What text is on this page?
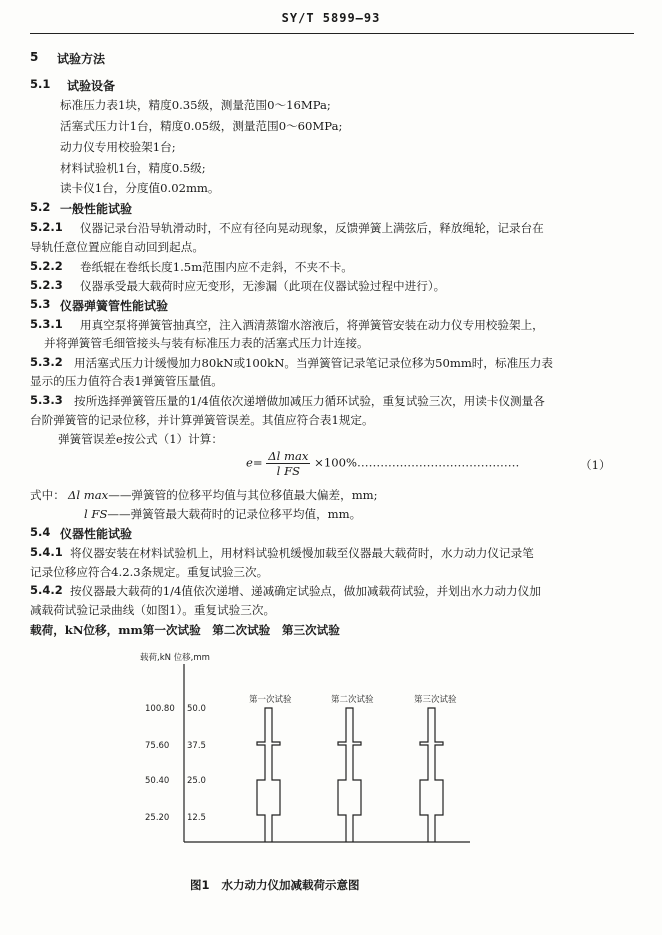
SY/T 5899—93
5 试验方法
5.1 试验设备
标准压力表1块，精度0.35级，测量范围0～16MPa;
活塞式压力计1台，精度0.05级，测量范围0～60MPa;
动力仪专用校验架1台;
材料试验机1台，精度0.5级;
读卡仪1台，分度值0.02mm。
5.2 一般性能试验
5.2.1 仪器记录台沿导轨滑动时，不应有径向晃动现象，反馈弹簧上满弦后，释放绳轮，记录台在
导轨任意位置应能自动回到起点。
5.2.2 卷纸辊在卷纸长度1.5m范围内应不走斜，不夹不卡。
5.2.3 仪器承受最大载荷时应无变形，无渗漏（此项在仪器试验过程中进行）。
5.3 仪器弹簧管性能试验
5.3.1 用真空泵将弹簧管抽真空，注入酒清蒸馏水溶液后，将弹簧管安装在动力仪专用校验架上，
并将弹簧管毛细管接头与装有标准压力表的活塞式压力计连接。
5.3.2 用活塞式压力计缓慢加力80kN或100kN。当弹簧管记录笔记录位移为50mm时，标准压力表
显示的压力值符合表1弹簧管压量值。
5.3.3 按所选择弹簧管压量的1/4值依次递增做加减压力循环试验，重复试验三次，用读卡仪测量各
台阶弹簧管的记录位移，并计算弹簧管误差。其值应符合表1规定。
弹簧管误差e按公式（1）计算：
$e= \frac{\text{Δl max}}{\text{l FS}}$ ×100%……………………………………	（1）
式中： Δl max——弹簧管的位移平均值与其位移值最大偏差，mm;
l FS——弹簧管最大载荷时的记录位移平均值，mm。
5.4 仪器性能试验
5.4.1 将仪器安装在材料试验机上，用材料试验机缓慢加载至仪器最大载荷时，水力动力仪记录笔
记录位移应符合4.2.3条规定。重复试验三次。
5.4.2 按仪器最大载荷的1/4值依次递增、递减确定试验点，做加减载荷试验，并划出水力动力仪加
减载荷试验记录曲线（如图1）。重复试验三次。
载荷，kN位移，mm第一次试验　第二次试验　第三次试验
载荷,kN 位移,mm
100.80 50.0
75.60 37.5
50.40 25.0
25.20 12.5
第一次试验	第二次试验	第三次试验
图1 水力动力仪加减载荷示意图
